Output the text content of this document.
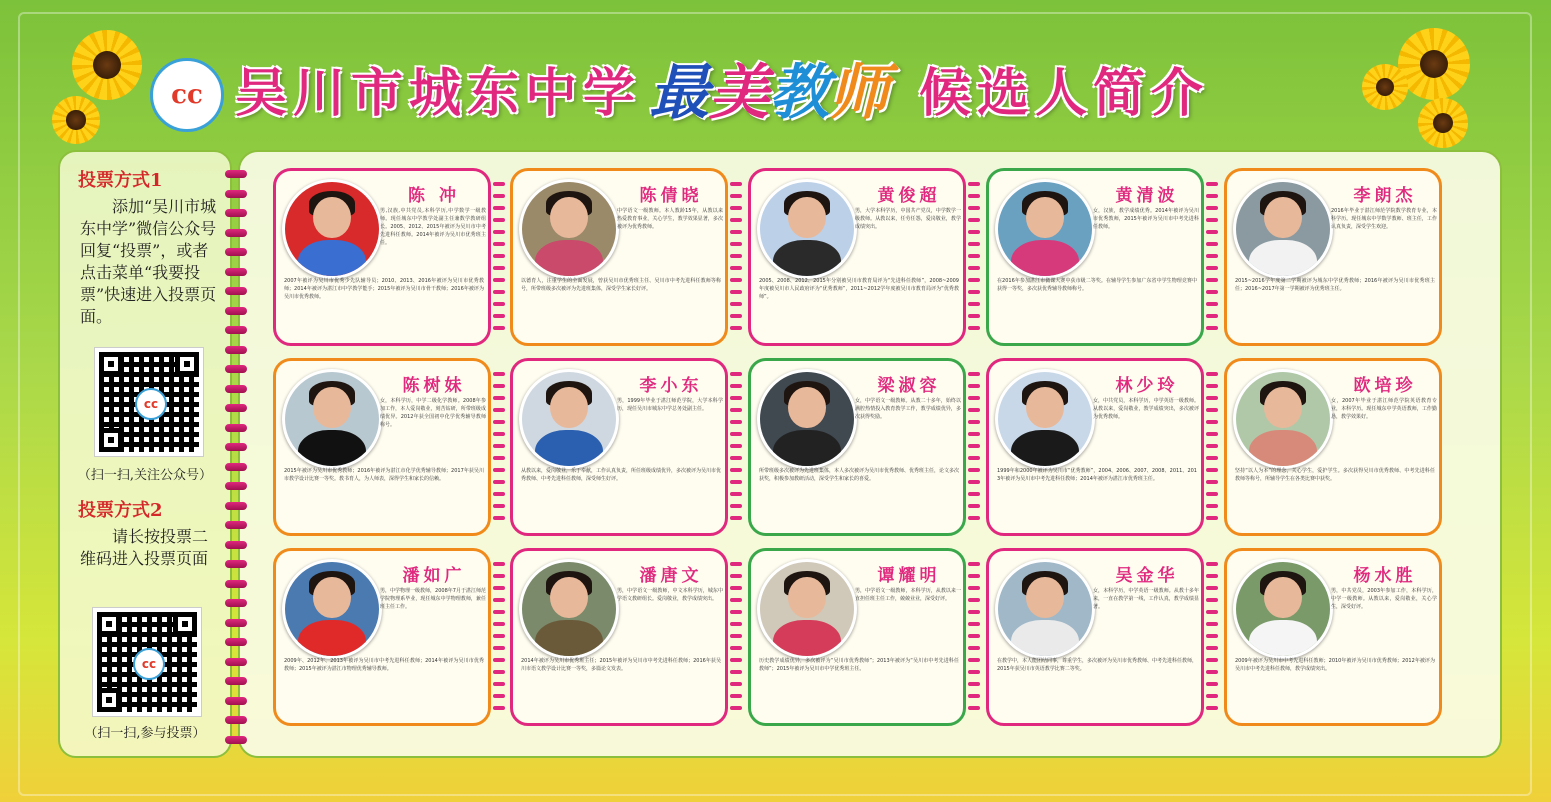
cc 吴川市城东中学 最 美 教 师 候选人简介
投票方式1
添加“吴川市城东中学”微信公众号回复“投票”，或者点击菜单“我要投票”快速进入投票页面。
cc
（扫一扫,关注公众号）
投票方式2
请长按投票二维码进入投票页面
cc
（扫一扫,参与投票）
陈 冲
男,汉族,中共党员,本科学历,中学数学一级教师。现任城东中学教学处副主任兼数学教研组长。2005、2012、2015年被评为吴川市中考先进科任教师。2014年被评为吴川市优秀班主任。
2007年被评为吴川市优秀少先队辅导员；2010、2013、2016年被评为吴川市优秀教师；2014年被评为湛江市中学教学能手；2015年被评为吴川市骨干教师；2016年被评为吴川市优秀教师。
陈倩晓
中学语文一级教师。本人教龄15年，从教以来热爱教育事业，关心学生，教学效果显著，多次被评为优秀教师。
以德育人，注重学生的全面发展，曾获吴川市优秀班主任、吴川市中考先进科任教师等称号，所带班级多次被评为先进班集体，深受学生家长好评。
黄俊超
男，大学本科学历，中国共产党员，中学数学一级教师。从教以来，任劳任怨，爱岗敬业，教学成绩突出。
2005、2008、2012、2015年分别被吴川市教育局评为“先进科任教师”，2008~2009年度被吴川市人民政府评为“优秀教师”，2011~2012学年度被吴川市教育局评为“优秀教师”。
黄清波
女，汉族，教学成绩优秀。2014年被评为吴川市优秀教师，2015年被评为吴川市中考先进科任教师。
在2016年参加湛江市微课大赛中获市级二等奖。在辅导学生参加广东省中学生物理竞赛中获得一等奖，多次获优秀辅导教师称号。
李朗杰
2016年毕业于湛江师范学院数学教育专业，本科学历。现任城东中学数学教师、班主任，工作认真负责，深受学生欢迎。
2015~2016学年度第二学期被评为城东中学优秀教师；2016年被评为吴川市优秀班主任；2016~2017年第一学期被评为优秀班主任。
陈树妹
女，本科学历，中学二级化学教师。2008年参加工作，本人爱岗敬业，刻苦钻研，所带班级成绩优异。2012年获全国初中化学优秀辅导教师称号。
2015年被评为吴川市优秀教师；2016年被评为湛江市化学优秀辅导教师；2017年获吴川市教学设计比赛一等奖。教书育人，为人师表，深得学生和家长的信赖。
李小东
男，1999年毕业于湛江师范学院，大学本科学历，现任吴川市城东中学总务处副主任。
从教以来，爱岗敬业，乐于奉献，工作认真负责，所任班级成绩优异，多次被评为吴川市优秀教师、中考先进科任教师，深受师生好评。
梁淑容
女，中学语文一级教师。从教二十多年，始终以满腔热情投入教育教学工作，教学成绩优异，多次获得奖励。
所带班级多次被评为先进班集体，本人多次被评为吴川市优秀教师、优秀班主任，论文多次获奖，积极参加教研活动，深受学生和家长的喜爱。
林少玲
女，中共党员，本科学历，中学英语一级教师。从教以来，爱岗敬业，教学成绩突出，多次被评为优秀教师。
1999年和2000年被评为吴川市“优秀教师”，2004、2006、2007、2008、2011、2013年被评为吴川市中考先进科任教师；2014年被评为湛江市优秀班主任。
欧培珍
女，2007年毕业于湛江师范学院英语教育专业，本科学历。现任城东中学英语教师，工作勤恳，教学效果好。
坚持“以人为本”的理念，关心学生，爱护学生。多次获得吴川市优秀教师、中考先进科任教师等称号，所辅导学生在各类比赛中获奖。
潘如广
男，中学物理一级教师，2008年7月于湛江师范学院物理系毕业，现任城东中学物理教师，兼任班主任工作。
2009年、2012年、2013年被评为吴川市中考先进科任教师；2014年被评为吴川市优秀教师；2015年被评为湛江市物理优秀辅导教师。
潘唐文
男，中学语文一级教师，中文本科学历，城东中学语文教研组长。爱岗敬业，教学成绩突出。
2014年被评为吴川市优秀班主任；2015年被评为吴川市中考先进科任教师；2016年获吴川市语文教学设计比赛一等奖，多篇论文发表。
谭耀明
男，中学语文一级教师，本科学历，从教以来一直担任班主任工作，兢兢业业，深受好评。
历史教学成绩优异，多次被评为“吴川市优秀教师”；2013年被评为“吴川市中考先进科任教师”；2015年被评为吴川市中学优秀班主任。
吴金华
女，本科学历，中学英语一级教师。从教十多年来，一直在教学第一线，工作认真，教学成绩显著。
在教学中，本人能团结同事，尊重学生，多次被评为吴川市优秀教师、中考先进科任教师，2015年获吴川市英语教学比赛二等奖。
杨水胜
男，中共党员，2003年参加工作，本科学历，中学一级教师。从教以来，爱岗敬业，关心学生，深受好评。
2009年被评为吴川市中考先进科任教师；2010年被评为吴川市优秀教师；2012年被评为吴川市中考先进科任教师，教学成绩突出。
